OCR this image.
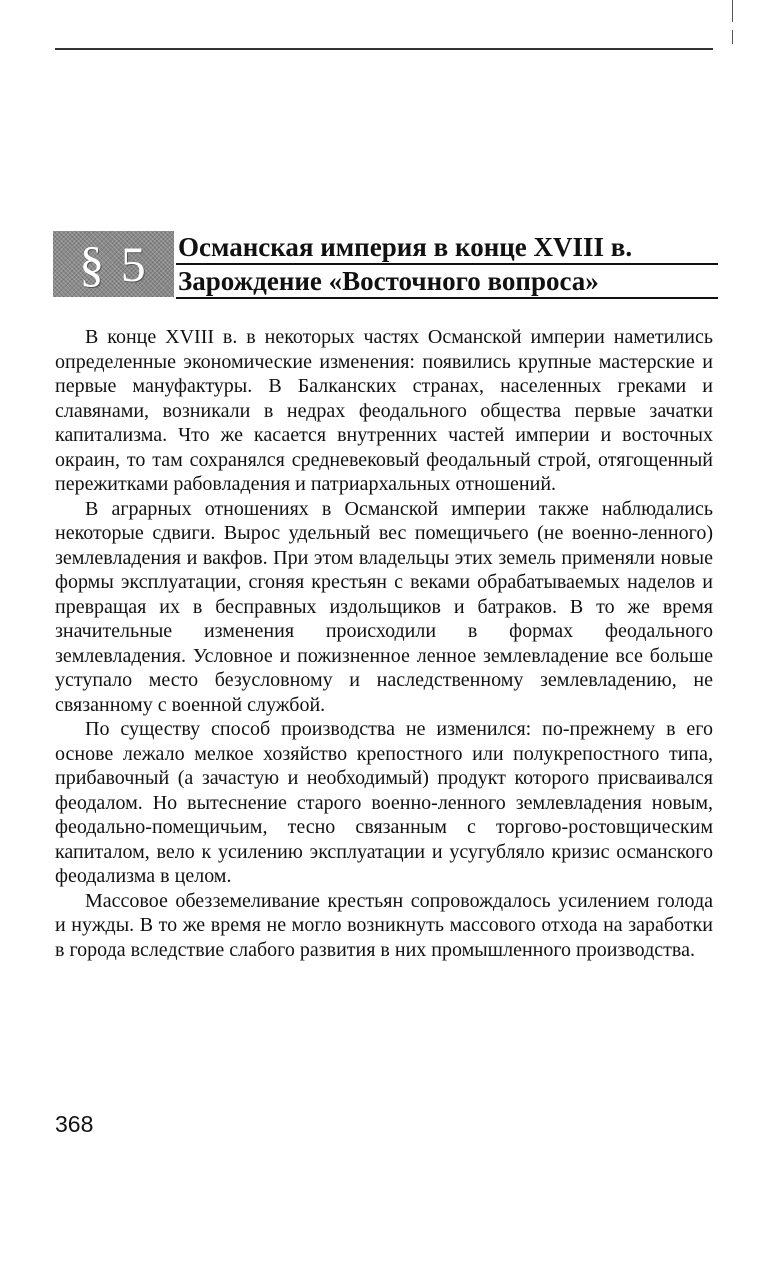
§ 5 Османская империя в конце XVIII в.
Зарождение «Восточного вопроса»

В конце XVIII в. в некоторых частях Османской империи наметились определенные экономические изменения: появились крупные мастерские и первые мануфактуры. В Балканских странах, населенных греками и славянами, возникали в недрах феодального общества первые зачатки капитализма. Что же касается внутренних частей империи и восточных окраин, то там сохранялся средневековый феодальный строй, отягощенный пережитками рабовладения и патриархальных отношений.

В аграрных отношениях в Османской империи также наблюдались некоторые сдвиги. Вырос удельный вес помещичьего (не военно-ленного) землевладения и вакфов. При этом владельцы этих земель применяли новые формы эксплуатации, сгоняя крестьян с веками обрабатываемых наделов и превращая их в бесправных издольщиков и батраков. В то же время значительные изменения происходили в формах феодального землевладения. Условное и пожизненное ленное землевладение все больше уступало место безусловному и наследственному землевладению, не связанному с военной службой.

По существу способ производства не изменился: по-прежнему в его основе лежало мелкое хозяйство крепостного или полукрепостного типа, прибавочный (а зачастую и необходимый) продукт которого присваивался феодалом. Но вытеснение старого военно-ленного землевладения новым, феодально-помещичьим, тесно связанным с торгово-ростовщическим капиталом, вело к усилению эксплуатации и усугубляло кризис османского феодализма в целом.

Массовое обезземеливание крестьян сопровождалось усилением голода и нужды. В то же время не могло возникнуть массового отхода на заработки в города вследствие слабого развития в них промышленного производства.

368
